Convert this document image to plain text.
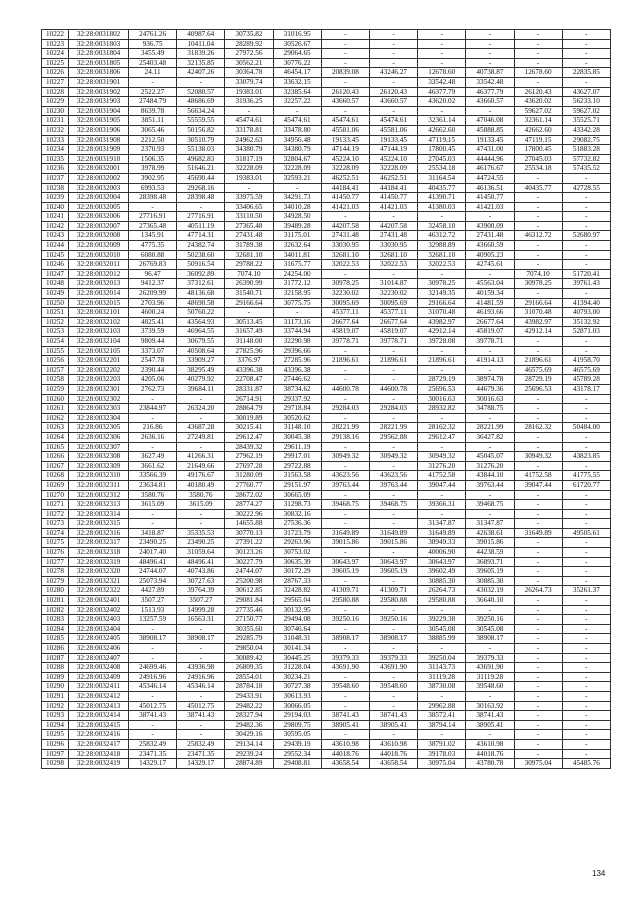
10222	32:28:0031802	24761.26	40987.64	30735.82	31016.95	-	-	-	-	-	-
10223	32:28:0031803	936.75	10411.04	28289.92	30526.67	-	-	-	-	-	-
10224	32:28:0031804	3455.49	31839.26	27972.56	29064.65	-	-	-	-	-	-
10225	32:28:0031805	25403.48	32135.85	30562.21	30776.22	-	-	-	-	-	-
10226	32:28:0031806	24.11	42407.26	30364.78	46454.17	20839.08	43246.27	12678.60	40738.87	12678.60	22835.85
10227	32:28:0031901	-	-	33079.74	33632.15	-	-	33542.48	33542.48	-	-
10228	32:28:0031902	2522.27	52080.57	19383.01	32385.64	26120.43	26120.43	46377.79	46377.79	26120.43	43627.07
10229	32:28:0031903	27484.79	48686.69	31936.25	32257.22	43660.57	43660.57	43620.02	43660.57	43620.02	56233.10
10230	32:28:0031904	8639.78	56634.24	-	-	-	-	-	-	59627.02	59627.02
10231	32:28:0031905	3851.11	55559.55	45474.61	45474.61	45474.61	45474.61	32361.14	47046.08	32361.14	35525.71
10232	32:28:0031906	3065.46	50156.82	33178.81	33478.80	45581.06	45581.06	42662.60	45888.85	42662.60	43342.28
10233	32:28:0031908	2212.50	30510.79	24962.63	34956.48	19133.45	19133.45	47119.15	19133.45	47119.15	29082.75
10234	32:28:0031909	2370.93	55138.03	34380.79	34380.79	47144.19	47144.19	17800.45	47431.00	17800.45	51883.28
10235	32:28:0031910	1506.35	49682.83	31817.19	32804.67	45224.10	45224.10	27045.03	44444.96	27045.03	57732.82
10236	32:28:0032001	3978.99	51646.21	32228.09	32228.09	32228.09	32228.09	25534.18	46176.67	25534.18	57435.52
10237	32:28:0032002	3902.95	45690.44	19383.01	32593.21	46252.51	46252.51	31164.54	44724.55	-	-
10238	32:28:0032003	6993.53	29268.16	-	-	44184.41	44184.41	40435.77	46136.51	40435.77	42728.55
10239	32:28:0032004	28398.48	28398.48	33975.59	34291.73	41450.77	41450.77	41390.71	41450.77	-	-
10240	32:28:0032005	-	-	33406.65	34010.28	41421.03	41421.03	41380.03	41421.03	-	-
10241	32:28:0032006	27716.91	27716.91	33110.50	34928.50	-	-	-	-	-	-
10242	32:28:0032007	27365.48	40511.19	27365.48	39489.28	44207.58	44207.58	32458.10	43900.09	-	-
10243	32:28:0032008	1345.91	47714.31	27431.48	31175.01	27431.48	27431.48	46312.72	27431.48	46312.72	52680.97
10244	32:28:0032009	4775.35	24382.74	31789.38	32632.64	33030.95	33030.95	32988.89	43660.59	-	-
10245	32:28:0032010	6080.88	50238.60	32681.10	34011.81	32681.10	32681.10	32681.10	40905.23	-	-
10246	32:28:0032011	26769.83	50916.54	29788.22	31675.77	32022.53	32022.53	32022.53	42745.61	-	-
10247	32:28:0032012	96.47	36092.89	7074.10	24254.00	-	-	-	-	7074.10	51720.41
10248	32:28:0032013	9412.37	37312.61	26390.99	31772.12	30978.25	31014.87	30978.25	45563.04	30978.25	39761.43
10249	32:28:0032014	26209.99	48136.68	31540.71	32158.95	32230.02	32230.02	32149.35	40159.34	-	-
10250	32:28:0032015	2703.96	48690.58	29166.64	30775.75	30095.69	30095.69	29166.64	41481.59	29166.64	41394.40
10251	32:28:0032101	4600.24	50760.22	-	-	45377.11	45377.11	31070.48	46193.66	31070.48	40793.00
10252	32:28:0032102	4825.41	43564.93	30513.45	31173.16	26677.64	26677.64	43982.97	26677.64	43982.97	35132.92
10253	32:28:0032103	3739.59	46964.55	31657.49	33744.94	45819.07	45819.07	42912.14	45819.07	42912.14	52871.03
10254	32:28:0032104	9809.44	30679.55	31148.00	32290.98	39778.71	39778.71	39728.08	39778.71	-	-
10255	32:28:0032105	3373.07	40508.64	27825.96	29396.66	-	-	-	-	-	-
10256	32:28:0032201	2547.78	33909.27	3376.97	27285.96	21896.61	21896.61	21896.61	41914.13	21896.61	41958.70
10257	32:28:0032202	2390.44	38295.49	43396.38	43396.38	-	-	-	-	46575.69	46575.69
10258	32:28:0032203	4205.06	40279.92	22708.47	27446.62	-	-	28729.19	38974.78	28729.19	45789.28
10259	32:28:0032301	2762.73	39684.11	28331.87	38734.62	44600.78	44600.78	25696.53	44679.36	25696.53	43178.17
10260	32:28:0032302	-	-	26714.91	29337.92	-	-	30016.63	30016.63	-	-
10261	32:28:0032303	23844.97	26324.20	28864.79	29718.84	29284.03	29284.03	28932.82	34788.75	-	-
10262	32:28:0032304	-	-	30019.89	30520.62	-	-	-	-	-	-
10263	32:28:0032305	216.86	43687.28	30215.41	31148.10	28221.99	28221.99	28162.32	28221.99	28162.32	50484.00
10264	32:28:0032306	2636.16	27249.81	29612.47	30045.38	29138.16	29562.88	29612.47	36427.82	-	-
10265	32:28:0032307	-	-	28439.32	29611.19	-	-	-	-	-	-
10266	32:28:0032308	3627.49	41266.31	27962.19	29917.01	30949.32	30949.32	30949.32	45045.07	30949.32	43823.85
10267	32:28:0032309	3661.62	21649.66	27697.28	29722.88	-	-	31276.20	31276.20	-	-
10268	32:28:0032310	33566.39	49176.67	31280.09	31563.58	43623.56	43623.56	41752.58	43844.10	41752.58	41775.55
10269	32:28:0032311	23634.81	40180.49	27760.77	29151.97	39763.44	39763.44	39047.44	39763.44	39047.44	61720.77
10270	32:28:0032312	3580.76	3580.76	28672.02	30665.09	-	-	-	-	-	-
10271	32:28:0032313	3615.09	3615.09	28774.27	31298.73	39468.75	39468.75	39366.31	39468.75	-	-
10272	32:28:0032314	-	-	30222.96	30832.16	-	-	-	-	-	-
10273	32:28:0032315	-	-	14655.88	27536.36	-	-	31347.87	31347.87	-	-
10274	32:28:0032316	3418.87	35335.53	30770.13	31723.79	31649.89	31649.89	31649.89	42638.61	31649.89	49505.61
10275	32:28:0032317	23490.25	23490.25	27391.22	29263.96	39015.86	39015.86	38949.33	39015.86	-	-
10276	32:28:0032318	24017.40	31059.64	30123.26	30753.02	-	-	40006.90	44238.59	-	-
10277	32:28:0032319	48496.41	48496.41	30227.79	30635.39	30643.97	30643.97	30643.97	36893.71	-	-
10278	32:28:0032320	24744.07	40743.86	24744.07	30172.29	39605.19	39605.19	39602.49	39605.19	-	-
10279	32:28:0032321	25073.94	30727.63	25200.98	28767.33	-	-	30885.30	30885.30	-	-
10280	32:28:0032322	4427.89	39764.39	30612.85	32428.82	41309.71	41309.71	26264.73	43032.19	26264.73	35261.37
10281	32:28:0032401	3507.27	3507.27	29081.84	29565.04	29580.88	29580.88	29580.88	36640.10	-	-
10282	32:28:0032402	1513.93	14999.28	27735.46	30132.95	-	-	-	-	-	-
10283	32:28:0032403	13257.59	16563.31	27150.77	29494.08	39250.16	39250.16	39229.38	39250.16	-	-
10284	32:28:0032404	-	-	30355.60	30746.64	-	-	30545.08	30545.08	-	-
10285	32:28:0032405	38908.17	38908.17	29285.79	31048.31	38908.17	38908.17	38885.99	38908.17	-	-
10286	32:28:0032406	-	-	29850.04	30141.34	-	-	-	-	-	-
10287	32:28:0032407	-	-	30089.42	30445.25	39379.33	39379.33	39250.04	39379.33	-	-
10288	32:28:0032408	24699.46	43936.98	26809.35	31228.04	43691.90	43691.90	31143.73	43691.90	-	-
10289	32:28:0032409	24916.96	24916.96	28554.01	30234.21	-	-	31119.28	31119.28	-	-
10290	32:28:0032411	45346.14	45346.14	28784.18	30727.38	39548.60	39548.60	38730.08	39548.60	-	-
10291	32:28:0032412	-	-	29433.91	30613.93	-	-	-	-	-	-
10292	32:28:0032413	45012.75	45012.75	29482.22	30066.05	-	-	29962.88	30163.92	-	-
10293	32:28:0032414	38741.43	38741.43	28327.94	29194.03	38741.43	38741.43	38572.41	38741.43	-	-
10294	32:28:0032415	-	-	29482.36	29809.75	38905.41	38905.41	38794.14	38905.41	-	-
10295	32:28:0032416	-	-	30429.16	30595.05	-	-	-	-	-	-
10296	32:28:0032417	25832.49	25832.49	29134.14	29439.19	43610.98	43610.98	38791.02	43610.98	-	-
10297	32:28:0032418	23471.35	23471.35	29239.24	29552.34	44018.76	44018.76	39178.03	44018.76	-	-
10298	32:28:0032419	14329.17	14329.17	28874.89	29408.81	43658.54	43658.54	30975.04	43780.78	30975.04	45485.76
134
